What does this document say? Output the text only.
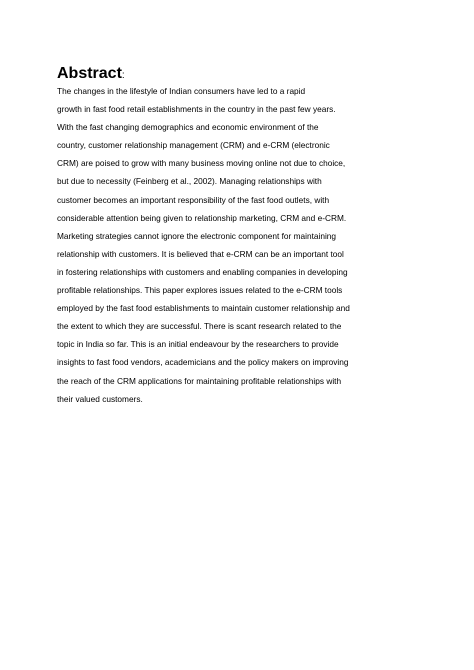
Abstract:
The changes in the lifestyle of Indian consumers have led to a rapid
growth in fast food retail establishments in the country in the past few years.
With the fast changing demographics and economic environment of the
country, customer relationship management (CRM) and e-CRM (electronic
CRM) are poised to grow with many business moving online not due to choice,
but due to necessity (Feinberg et al., 2002). Managing relationships with
customer becomes an important responsibility of the fast food outlets, with
considerable attention being given to relationship marketing, CRM and e-CRM.
Marketing strategies cannot ignore the electronic component for maintaining
relationship with customers. It is believed that e-CRM can be an important tool
in fostering relationships with customers and enabling companies in developing
profitable relationships. This paper explores issues related to the e-CRM tools
employed by the fast food establishments to maintain customer relationship and
the extent to which they are successful. There is scant research related to the
topic in India so far. This is an initial endeavour by the researchers to provide
insights to fast food vendors, academicians and the policy makers on improving
the reach of the CRM applications for maintaining profitable relationships with
their valued customers.
